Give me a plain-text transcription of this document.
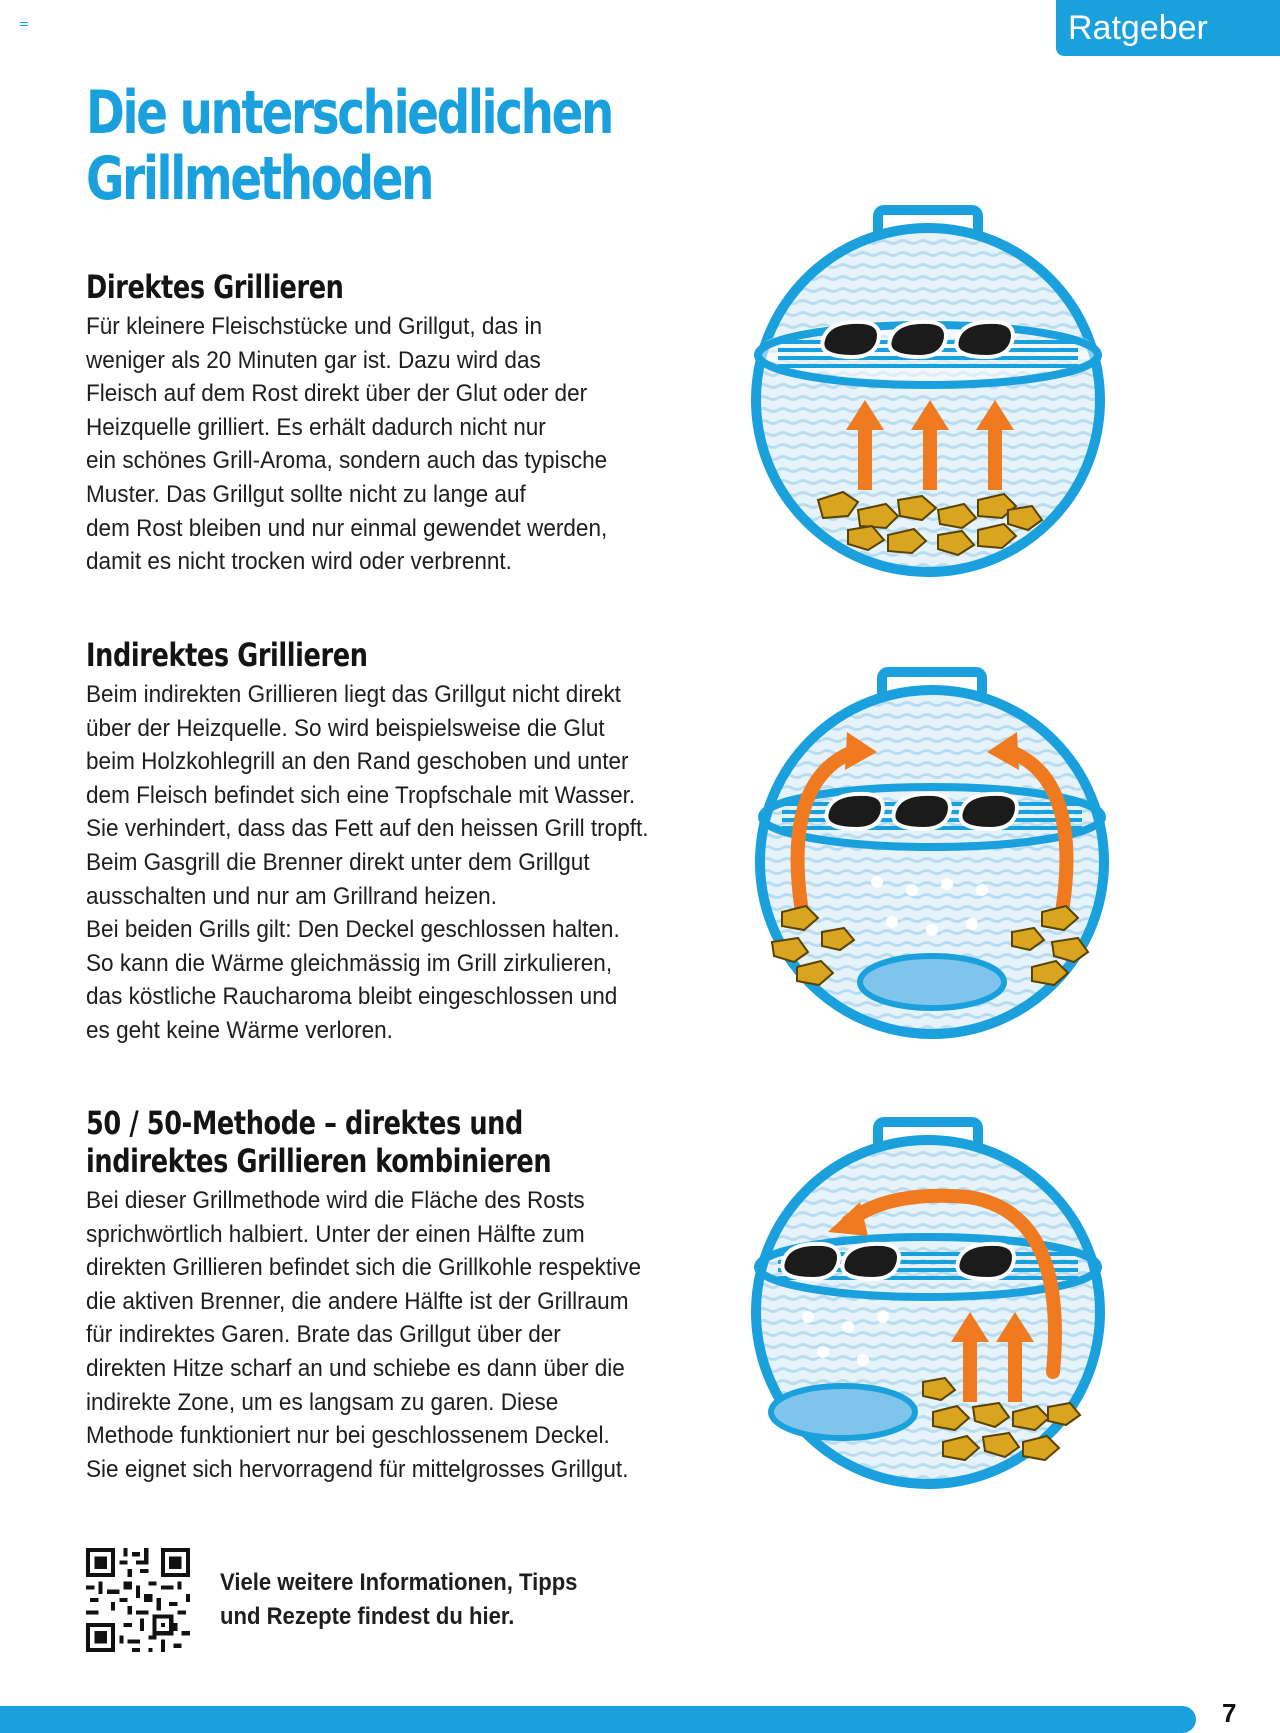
Ratgeber
Die unterschiedlichen
Grillmethoden
Direktes Grillieren

Für kleinere Fleischstücke und Grillgut, das in
weniger als 20 Minuten gar ist. Dazu wird das
Fleisch auf dem Rost direkt über der Glut oder der
Heizquelle grilliert. Es erhält dadurch nicht nur
ein schönes Grill-Aroma, sondern auch das typische
Muster. Das Grillgut sollte nicht zu lange auf
dem Rost bleiben und nur einmal gewendet werden,
damit es nicht trocken wird oder verbrennt.

Indirektes Grillieren

Beim indirekten Grillieren liegt das Grillgut nicht direkt
über der Heizquelle. So wird beispielsweise die Glut
beim Holzkohlegrill an den Rand geschoben und unter
dem Fleisch befindet sich eine Tropfschale mit Wasser.
Sie verhindert, dass das Fett auf den heissen Grill tropft.
Beim Gasgrill die Brenner direkt unter dem Grillgut
ausschalten und nur am Grillrand heizen.
Bei beiden Grills gilt: Den Deckel geschlossen halten.
So kann die Wärme gleichmässig im Grill zirkulieren,
das köstliche Raucharoma bleibt eingeschlossen und
es geht keine Wärme verloren.

50 / 50-Methode – direktes und
indirektes Grillieren kombinieren

Bei dieser Grillmethode wird die Fläche des Rosts
sprichwörtlich halbiert. Unter der einen Hälfte zum
direkten Grillieren befindet sich die Grillkohle respektive
die aktiven Brenner, die andere Hälfte ist der Grillraum
für indirektes Garen. Brate das Grillgut über der
direkten Hitze scharf an und schiebe es dann über die
indirekte Zone, um es langsam zu garen. Diese
Methode funktioniert nur bei geschlossenem Deckel.
Sie eignet sich hervorragend für mittelgrosses Grillgut.

Viele weitere Informationen, Tipps
und Rezepte findest du hier.
7
